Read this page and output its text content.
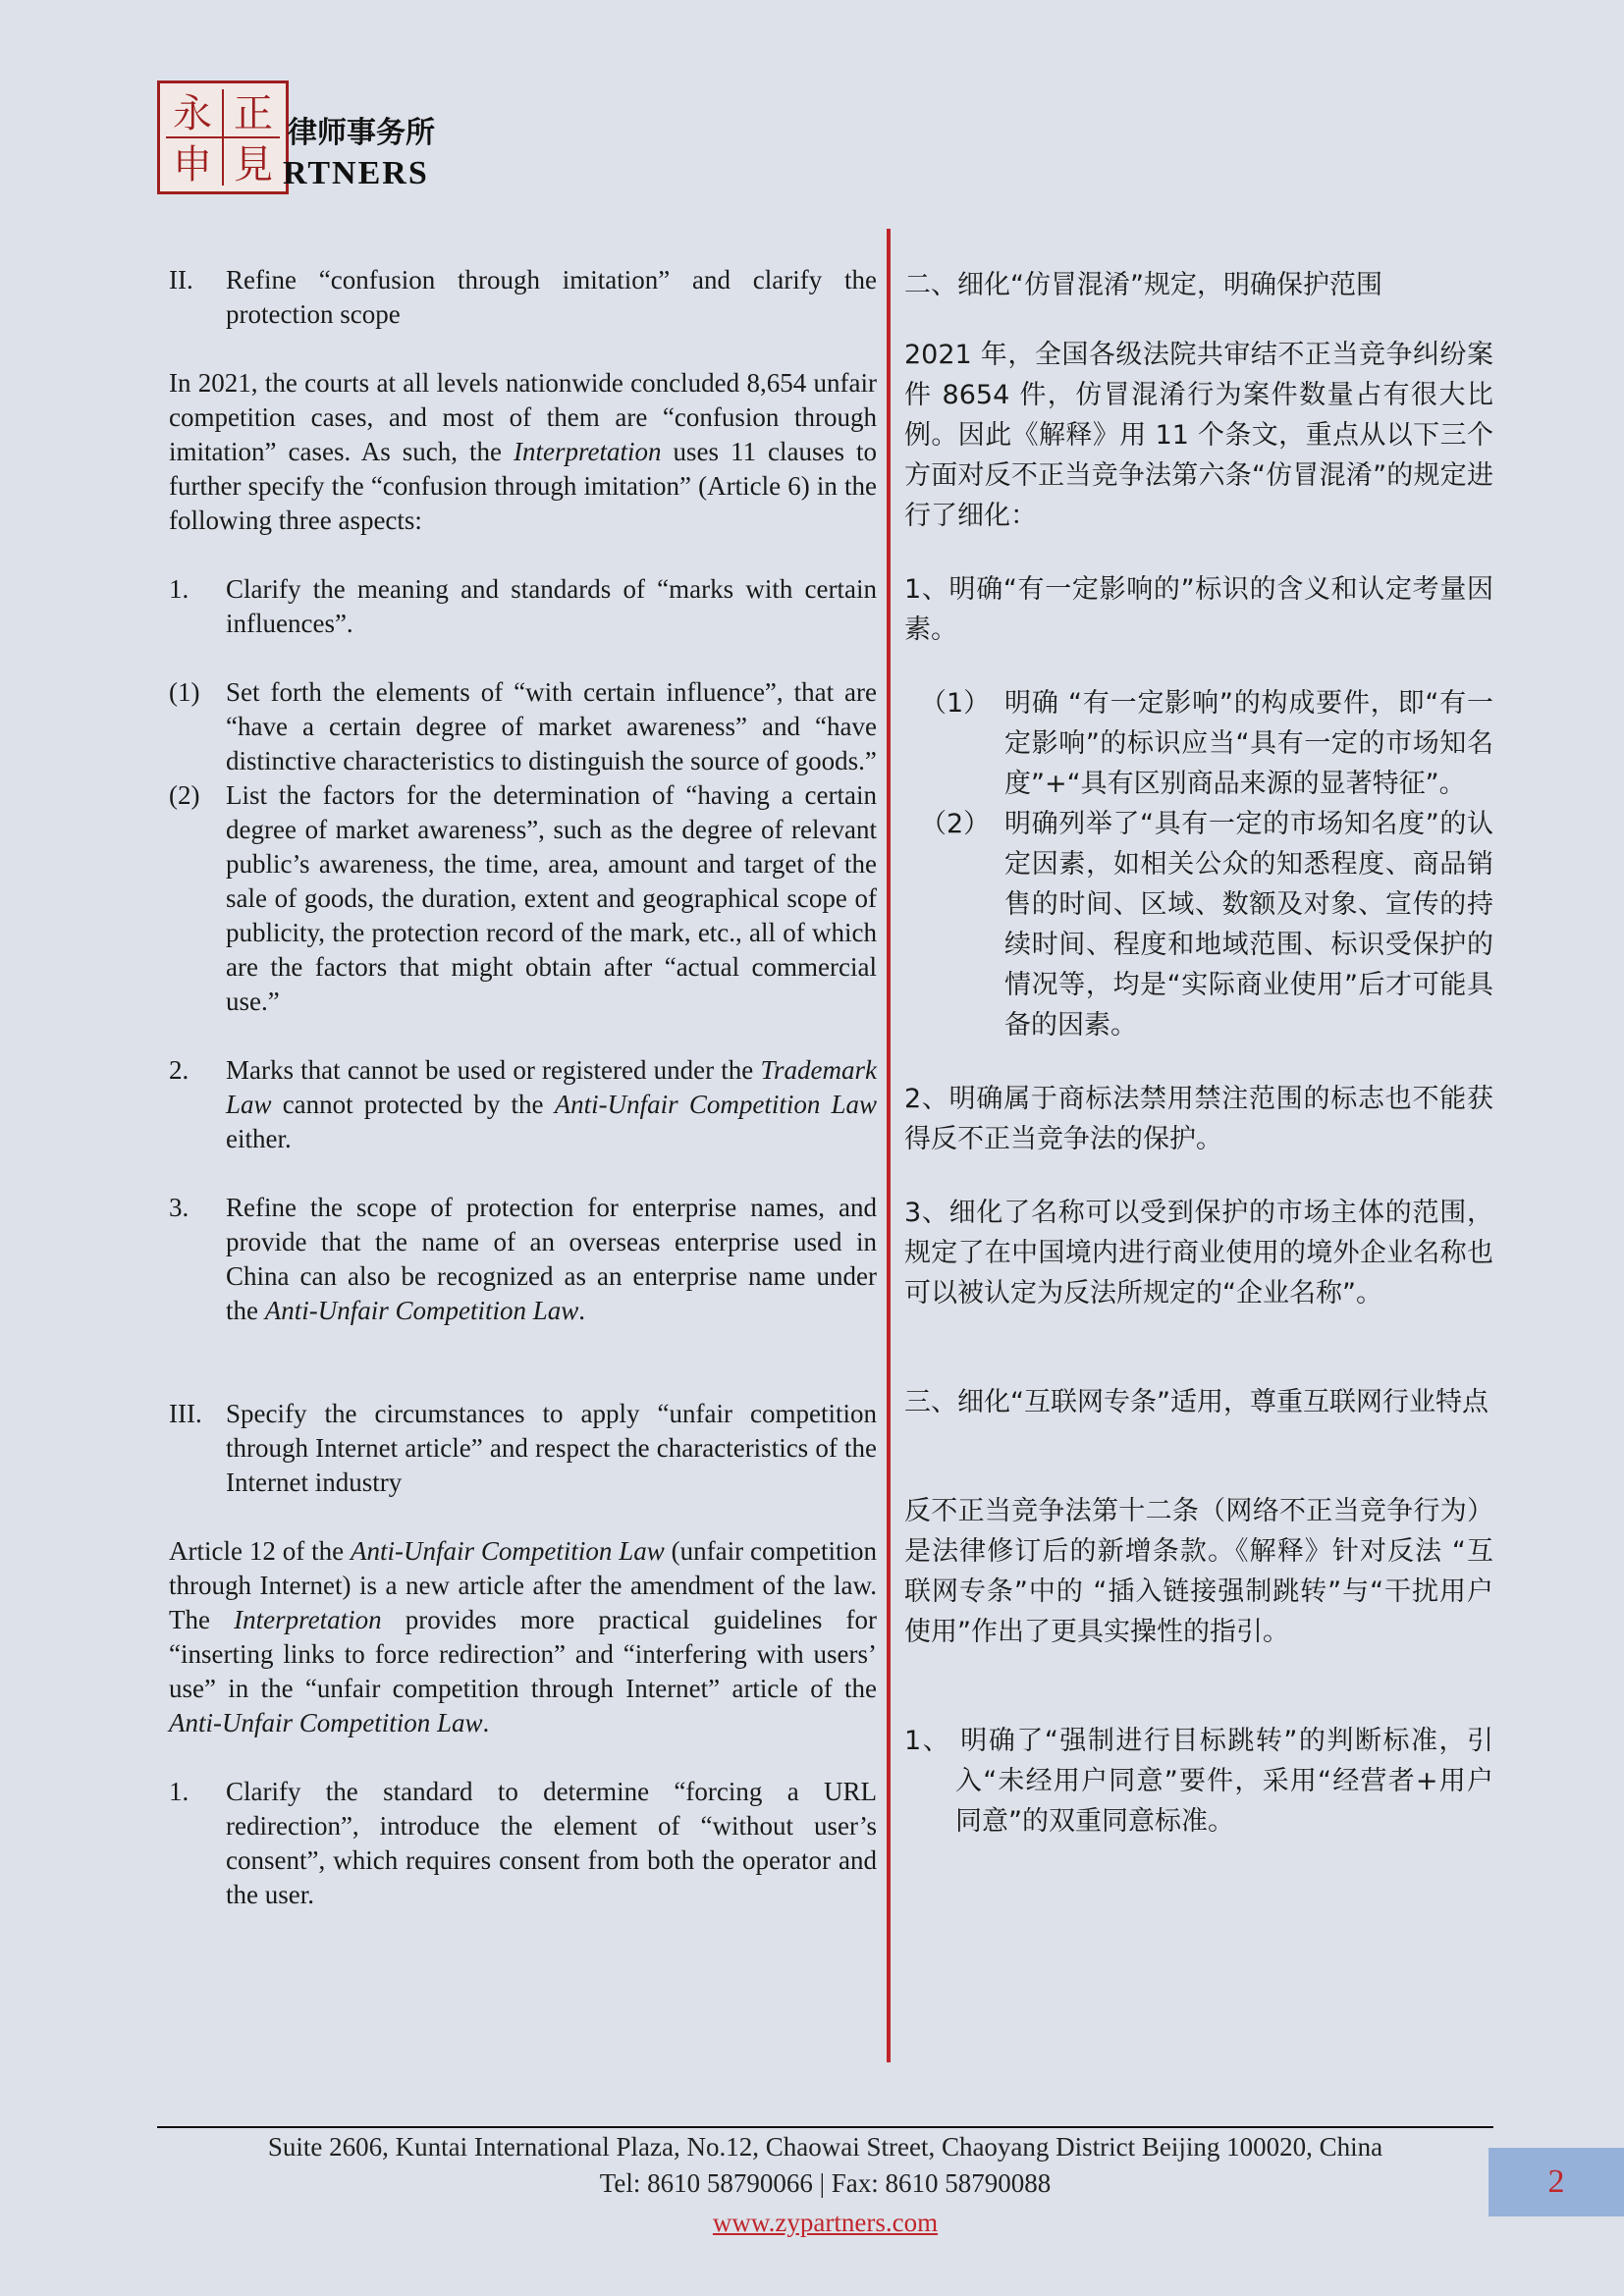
永 正
申 見
律师事务所
RTNERS
II.	Refine “confusion through imitation” and clarify the protection scope

In 2021, the courts at all levels nationwide concluded 8,654 unfair competition cases, and most of them are “confusion through imitation” cases. As such, the Interpretation uses 11 clauses to further specify the “confusion through imitation” (Article 6) in the following three aspects:

1.	Clarify the meaning and standards of “marks with certain influences”.
(1) Set forth the elements of “with certain influence”, that are “have a certain degree of market awareness” and “have distinctive characteristics to distinguish the source of goods.”
(2) List the factors for the determination of “having a certain degree of market awareness”, such as the degree of relevant public’s awareness, the time, area, amount and target of the sale of goods, the duration, extent and geographical scope of publicity, the protection record of the mark, etc., all of which are the factors that might obtain after “actual commercial use.”
2.	Marks that cannot be used or registered under the Trademark Law cannot protected by the Anti-Unfair Competition Law either.
3.	Refine the scope of protection for enterprise names, and provide that the name of an overseas enterprise used in China can also be recognized as an enterprise name under the Anti-Unfair Competition Law.
III. Specify the circumstances to apply “unfair competition through Internet article” and respect the characteristics of the Internet industry

Article 12 of the Anti-Unfair Competition Law (unfair competition through Internet) is a new article after the amendment of the law. The Interpretation provides more practical guidelines for “inserting links to force redirection” and “interfering with users’ use” in the “unfair competition through Internet” article of the Anti-Unfair Competition Law.

1.	Clarify the standard to determine “forcing a URL redirection”, introduce the element of “without user’s consent”, which requires consent from both the operator and the user.

二、细化“仿冒混淆”规定，明确保护范围

2021 年，全国各级法院共审结不正当竞争纠纷案件 8654 件，仿冒混淆行为案件数量占有很大比例。因此《解释》用 11 个条文，重点从以下三个方面对反不正当竞争法第六条“仿冒混淆”的规定进行了细化：

1、明确“有一定影响的”标识的含义和认定考量因素。

（1） 明确 “有一定影响”的构成要件，即“有一定影响”的标识应当“具有一定的市场知名度”+“具有区别商品来源的显著特征”。
（2） 明确列举了“具有一定的市场知名度”的认定因素，如相关公众的知悉程度、商品销售的时间、区域、数额及对象、宣传的持续时间、程度和地域范围、标识受保护的情况等，均是“实际商业使用”后才可能具备的因素。

2、明确属于商标法禁用禁注范围的标志也不能获得反不正当竞争法的保护。

3、细化了名称可以受到保护的市场主体的范围，规定了在中国境内进行商业使用的境外企业名称也可以被认定为反法所规定的“企业名称”。

三、细化“互联网专条”适用，尊重互联网行业特点

反不正当竞争法第十二条（网络不正当竞争行为）是法律修订后的新增条款。《解释》针对反法 “互联网专条”中的 “插入链接强制跳转”与“干扰用户使用”作出了更具实操性的指引。

1、 明确了“强制进行目标跳转”的判断标准，引入“未经用户同意”要件，采用“经营者+用户同意”的双重同意标准。

Suite 2606, Kuntai International Plaza, No.12, Chaowai Street, Chaoyang District Beijing 100020, China
Tel: 8610 58790066 | Fax: 8610 58790088
www.zypartners.com
2
